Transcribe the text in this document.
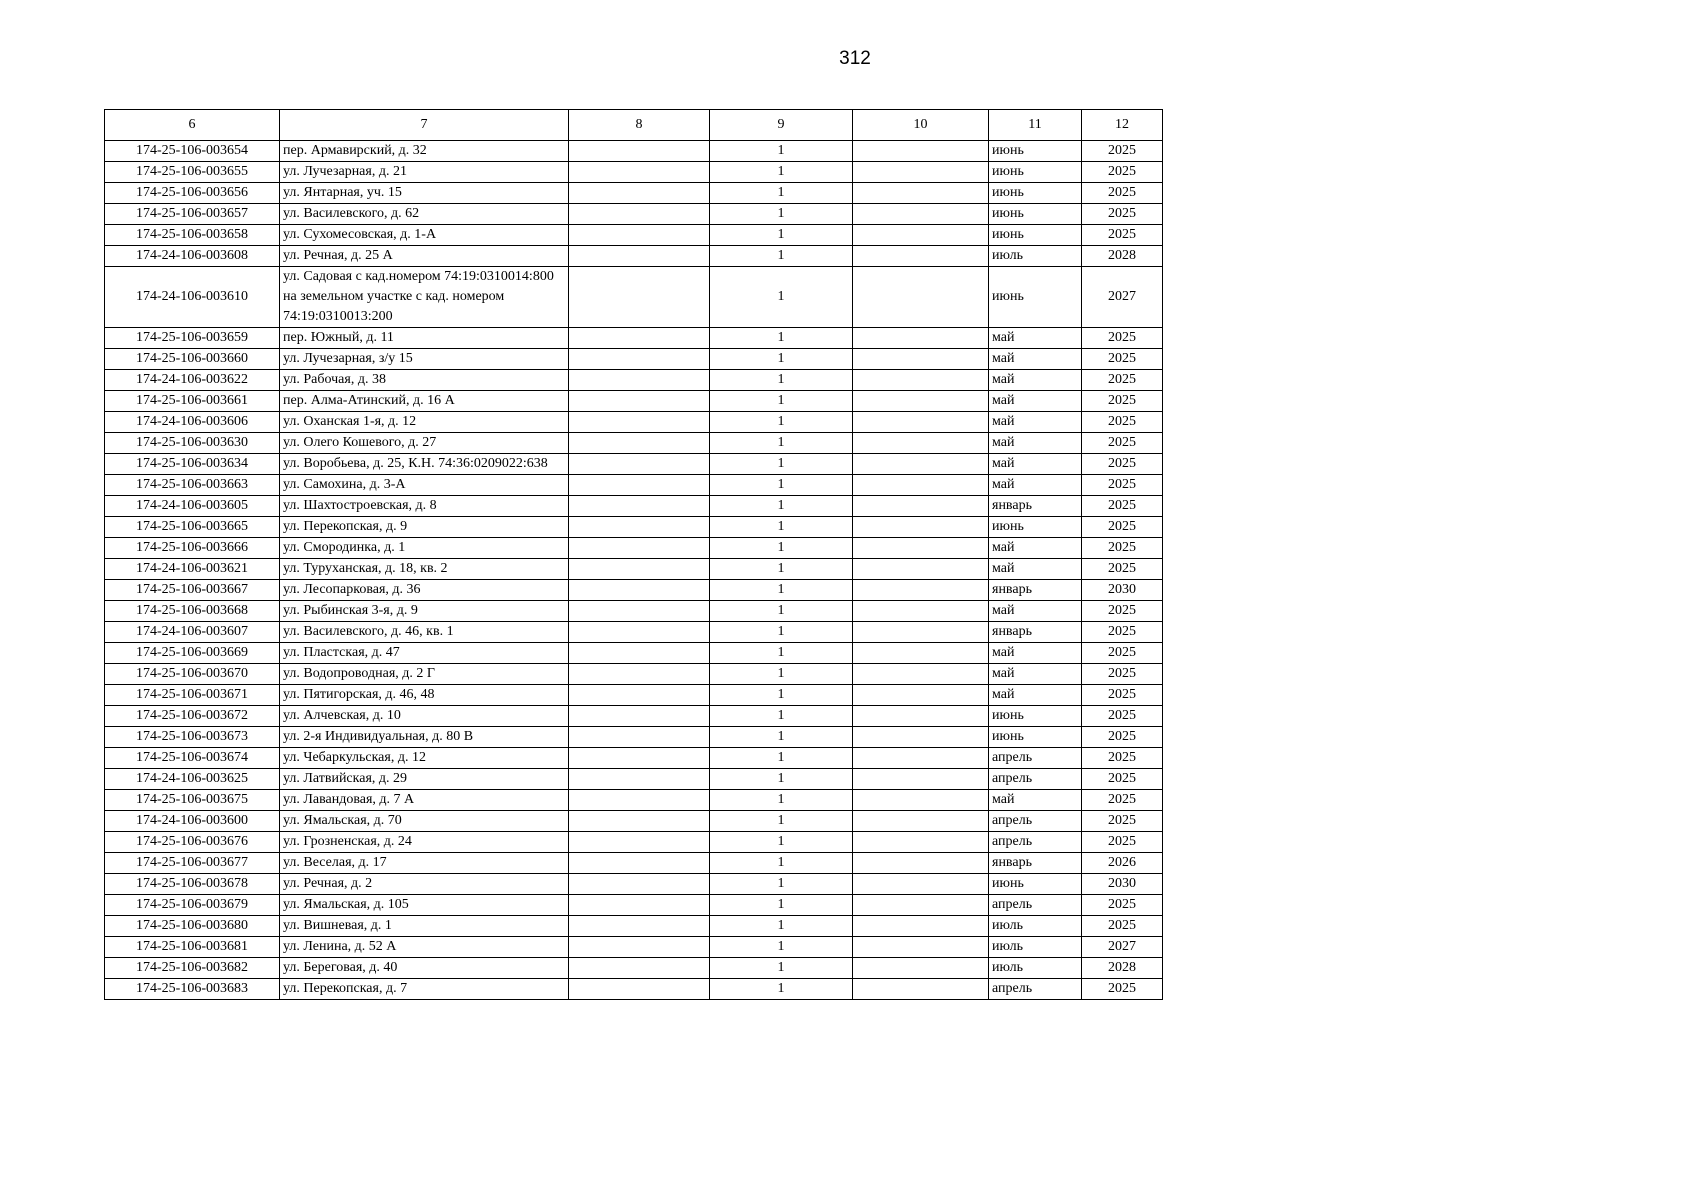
312
6	7	8	9	10	11	12
174-25-106-003654	пер. Армавирский, д. 32		1		июнь	2025
174-25-106-003655	ул. Лучезарная, д. 21		1		июнь	2025
174-25-106-003656	ул. Янтарная, уч. 15		1		июнь	2025
174-25-106-003657	ул. Василевского, д. 62		1		июнь	2025
174-25-106-003658	ул. Сухомесовская, д. 1-А		1		июнь	2025
174-24-106-003608	ул. Речная, д. 25 А		1		июль	2028
174-24-106-003610	ул. Садовая с кад.номером 74:19:0310014:800 на земельном участке с кад. номером 74:19:0310013:200		1		июнь	2027
174-25-106-003659	пер. Южный, д. 11		1		май	2025
174-25-106-003660	ул. Лучезарная, з/у 15		1		май	2025
174-24-106-003622	ул. Рабочая, д. 38		1		май	2025
174-25-106-003661	пер. Алма-Атинский, д. 16 А		1		май	2025
174-24-106-003606	ул. Оханская 1-я, д. 12		1		май	2025
174-25-106-003630	ул. Олего Кошевого, д. 27		1		май	2025
174-25-106-003634	ул. Воробьева, д. 25, К.Н. 74:36:0209022:638		1		май	2025
174-25-106-003663	ул. Самохина, д. 3-А		1		май	2025
174-24-106-003605	ул. Шахтостроевская, д. 8		1		январь	2025
174-25-106-003665	ул. Перекопская, д. 9		1		июнь	2025
174-25-106-003666	ул. Смородинка, д. 1		1		май	2025
174-24-106-003621	ул. Туруханская, д. 18, кв. 2		1		май	2025
174-25-106-003667	ул. Лесопарковая, д. 36		1		январь	2030
174-25-106-003668	ул. Рыбинская 3-я, д. 9		1		май	2025
174-24-106-003607	ул. Василевского, д. 46, кв. 1		1		январь	2025
174-25-106-003669	ул. Пластская, д. 47		1		май	2025
174-25-106-003670	ул. Водопроводная, д. 2 Г		1		май	2025
174-25-106-003671	ул. Пятигорская, д. 46, 48		1		май	2025
174-25-106-003672	ул. Алчевская, д. 10		1		июнь	2025
174-25-106-003673	ул. 2-я Индивидуальная, д. 80 В		1		июнь	2025
174-25-106-003674	ул. Чебаркульская, д. 12		1		апрель	2025
174-24-106-003625	ул. Латвийская, д. 29		1		апрель	2025
174-25-106-003675	ул. Лавандовая, д. 7 А		1		май	2025
174-24-106-003600	ул. Ямальская, д. 70		1		апрель	2025
174-25-106-003676	ул. Грозненская, д. 24		1		апрель	2025
174-25-106-003677	ул. Веселая, д. 17		1		январь	2026
174-25-106-003678	ул. Речная, д. 2		1		июнь	2030
174-25-106-003679	ул. Ямальская, д. 105		1		апрель	2025
174-25-106-003680	ул. Вишневая, д. 1		1		июль	2025
174-25-106-003681	ул. Ленина, д. 52 А		1		июль	2027
174-25-106-003682	ул. Береговая, д. 40		1		июль	2028
174-25-106-003683	ул. Перекопская, д. 7		1		апрель	2025
